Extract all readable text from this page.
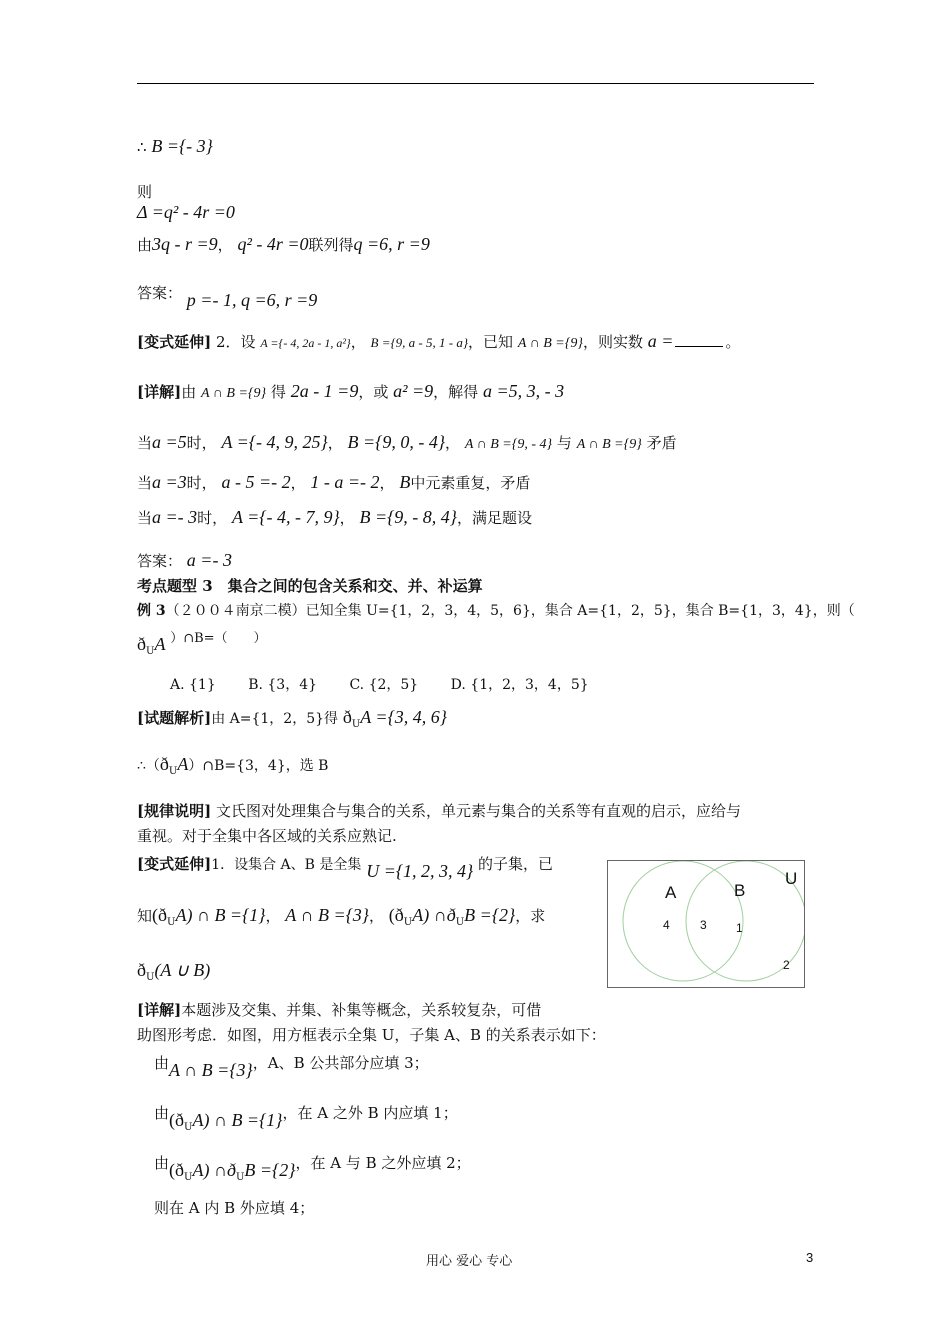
∴ B ={- 3}
则
Δ =q² - 4r =0
由3q - r =9， q² - 4r =0联列得q =6, r =9
答案： p =- 1, q =6, r =9
[变式延伸] 2．设 A ={- 4, 2a - 1, a²}， B ={9, a - 5, 1 - a}，已知 A ∩ B ={9}，则实数 a =	。
[详解]由 A ∩ B ={9} 得 2a - 1 =9，或 a² =9，解得 a =5, 3, - 3
当a =5时， A ={- 4, 9, 25}， B ={9, 0, - 4}， A ∩ B ={9, - 4} 与 A ∩ B ={9} 矛盾
当a =3时， a - 5 =- 2， 1 - a =- 2， B中元素重复，矛盾
当a =- 3时， A ={- 4, - 7, 9}， B ={9, - 8, 4}，满足题设
答案： a =- 3
考点题型 3　集合之间的包含关系和交、并、补运算
例 3（２００４南京二模）已知全集 U={1，2，3，4，5，6}，集合 A={1，2，5}，集合 B={1，3，4}，则（
$ð_UA$ ）∩B=（　　）
A. {1} B. {3，4} C. {2，5} D. {1，2，3，4，5}
[试题解析]由 A={1，2，5}得 $ð_UA =\{3$, 4, 6}
$\therefore(ð_UA)\cap B=\{3$，4}，选 B
[规律说明] 文氏图对处理集合与集合的关系，单元素与集合的关系等有直观的启示，应给与
重视。对于全集中各区域的关系应熟记.
[变式延伸]1．设集合 A、B 是全集 U ={1, 2, 3, 4} 的子集，已
知$(ð_UA)$ ∩ B ={1}， A ∩ B ={3}， $(ð_UA)$ $\cap ð_UB =\{2\}$，求
$ð_U(A$ ∪ B)
A	B
U
4	3 1
2
[详解]本题涉及交集、并集、补集等概念，关系较复杂，可借
助图形考虑．如图，用方框表示全集 U，子集 A、B 的关系表示如下：
由A ∩ B ={3}，A、B 公共部分应填 3；
由$(ð_UA)$ ∩ B ={1}，在 A 之外 B 内应填 1；
由$(ð_UA)$ $\cap ð_UB =\{2\}$，在 A 与 B 之外应填 2；
则在 A 内 B 外应填 4；
用心 爱心 专心	3
